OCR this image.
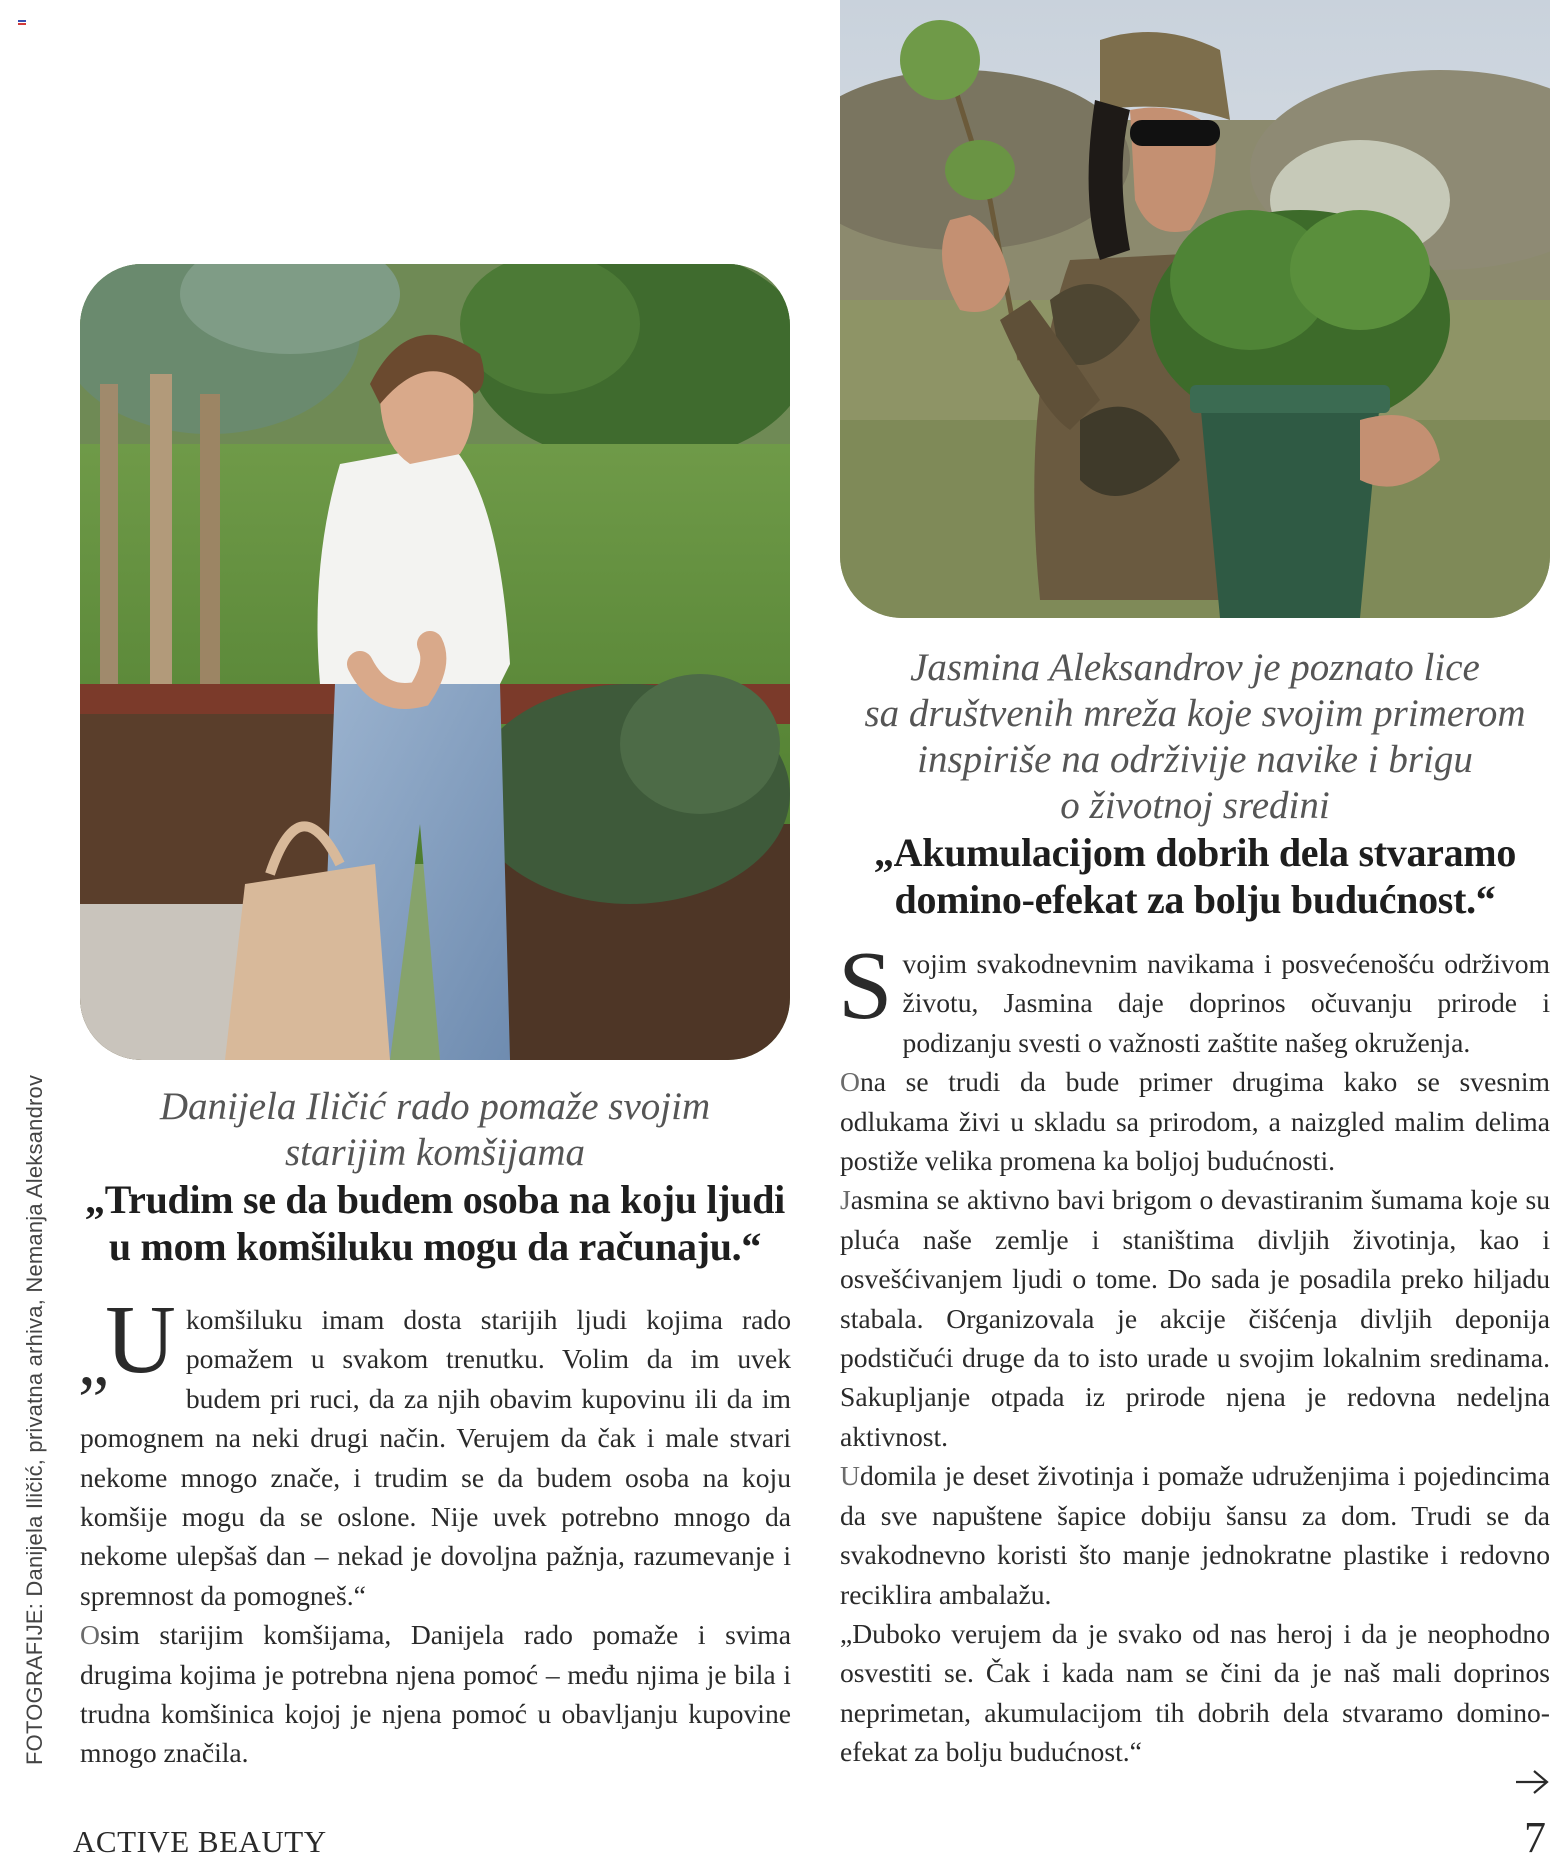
FOTOGRAFIJE: Danijela Iličić, privatna arhiva, Nemanja Aleksandrov	Danijela Iličić rado pomaže svojim

starijim komšijama

„Trudim se da budem osoba na koju ljudi

u mom komšiluku mogu da računaju.“

Jasmina Aleksandrov je poznato lice

sa društvenih mreža koje svojim primerom

inspiriše na održivije navike i brigu

o životnoj sredini

„Akumulacijom dobrih dela stvaramo

domino-efekat za bolju budućnost.“

„U komšiluku imam dosta starijih ljudi kojima rado pomažem u svakom trenutku. Volim da im uvek budem pri ruci, da za njih obavim kupovinu ili da im pomognem na neki drugi način. Verujem da čak i male stvari nekome mnogo znače, i trudim se da budem osoba na koju komšije mogu da se oslone. Nije uvek potrebno mnogo da nekome ulepšaš dan – nekad je dovoljna pažnja, razumevanje i spremnost da pomogneš.“

Osim starijim komšijama, Danijela rado pomaže i svima drugima kojima je potrebna njena pomoć – među njima je bila i trudna komšinica kojoj je njena pomoć u obavljanju kupovine mnogo značila.

Svojim svakodnevnim navikama i posvećenošću održivom životu, Jasmina daje doprinos očuvanju prirode i podizanju svesti o važnosti zaštite našeg okruženja.

Ona se trudi da bude primer drugima kako se svesnim odlukama živi u skladu sa prirodom, a naizgled malim delima postiže velika promena ka boljoj budućnosti.

Jasmina se aktivno bavi brigom o devastiranim šumama koje su pluća naše zemlje i staništima divljih životinja, kao i osvešćivanjem ljudi o tome. Do sada je posadila preko hiljadu stabala. Organizovala je akcije čišćenja divljih deponija podstičući druge da to isto urade u svojim lokalnim sredinama. Sakupljanje otpada iz prirode njena je redovna nedeljna aktivnost.

Udomila je deset životinja i pomaže udruženjima i pojedincima da sve napuštene šapice dobiju šansu za dom. Trudi se da svakodnevno koristi što manje jednokratne plastike i redovno reciklira ambalažu.

„Duboko verujem da je svako od nas heroj i da je neophodno osvestiti se. Čak i kada nam se čini da je naš mali doprinos neprimetan, akumulacijom tih dobrih dela stvaramo domino-efekat za bolju budućnost.“

ACTIVE BEAUTY	7
